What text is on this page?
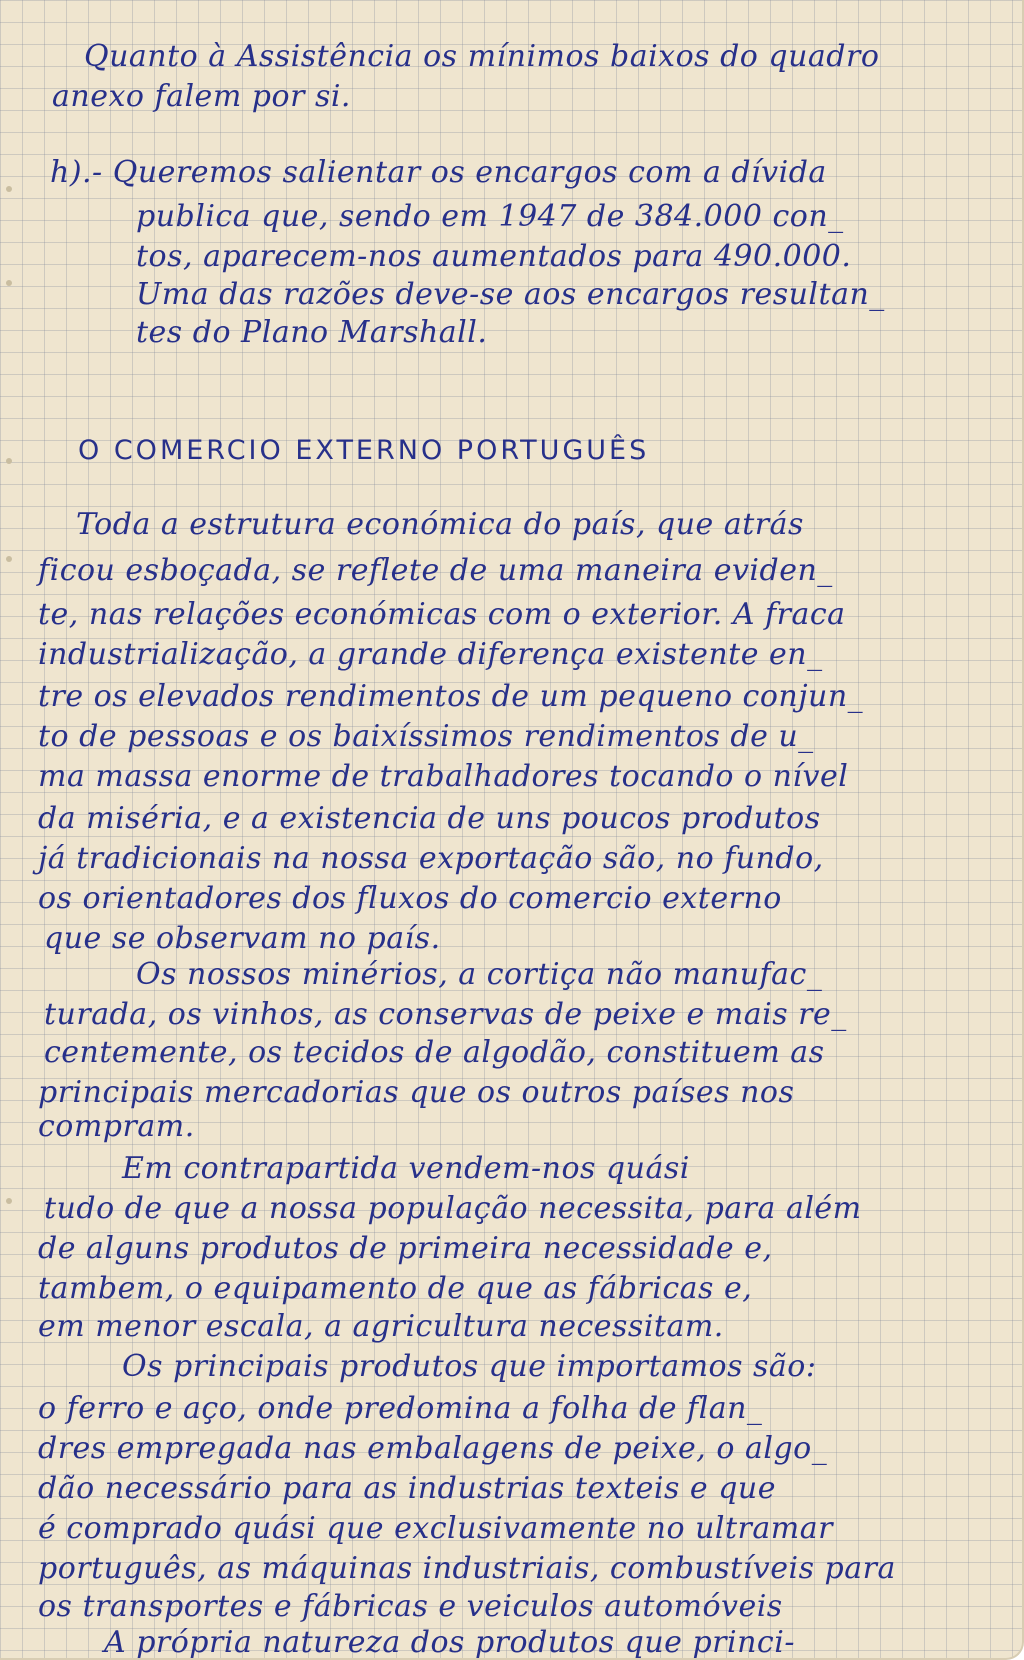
Quanto à Assistência os mínimos baixos do quadro
anexo falem por si.
h).- Queremos salientar os encargos com a dívida
publica que, sendo em 1947 de 384.000 con_
tos, aparecem-nos aumentados para 490.000.
Uma das razões deve-se aos encargos resultan_
tes do Plano Marshall.
O COMERCIO EXTERNO PORTUGUÊS
Toda a estrutura económica do país, que atrás
ficou esboçada, se reflete de uma maneira eviden_
te, nas relações económicas com o exterior. A fraca
industrialização, a grande diferença existente en_
tre os elevados rendimentos de um pequeno conjun_
to de pessoas e os baixíssimos rendimentos de u_
ma massa enorme de trabalhadores tocando o nível
da miséria, e a existencia de uns poucos produtos
já tradicionais na nossa exportação são, no fundo,
os orientadores dos fluxos do comercio externo
que se observam no país.
Os nossos minérios, a cortiça não manufac_
turada, os vinhos, as conservas de peixe e mais re_
centemente, os tecidos de algodão, constituem as
principais mercadorias que os outros países nos
compram.
Em contrapartida vendem-nos quási
tudo de que a nossa população necessita, para além
de alguns produtos de primeira necessidade e,
tambem, o equipamento de que as fábricas e,
em menor escala, a agricultura necessitam.
Os principais produtos que importamos são:
o ferro e aço, onde predomina a folha de flan_
dres empregada nas embalagens de peixe, o algo_
dão necessário para as industrias texteis e que
é comprado quási que exclusivamente no ultramar
português, as máquinas industriais, combustíveis para
os transportes e fábricas e veiculos automóveis
A própria natureza dos produtos que princi-
